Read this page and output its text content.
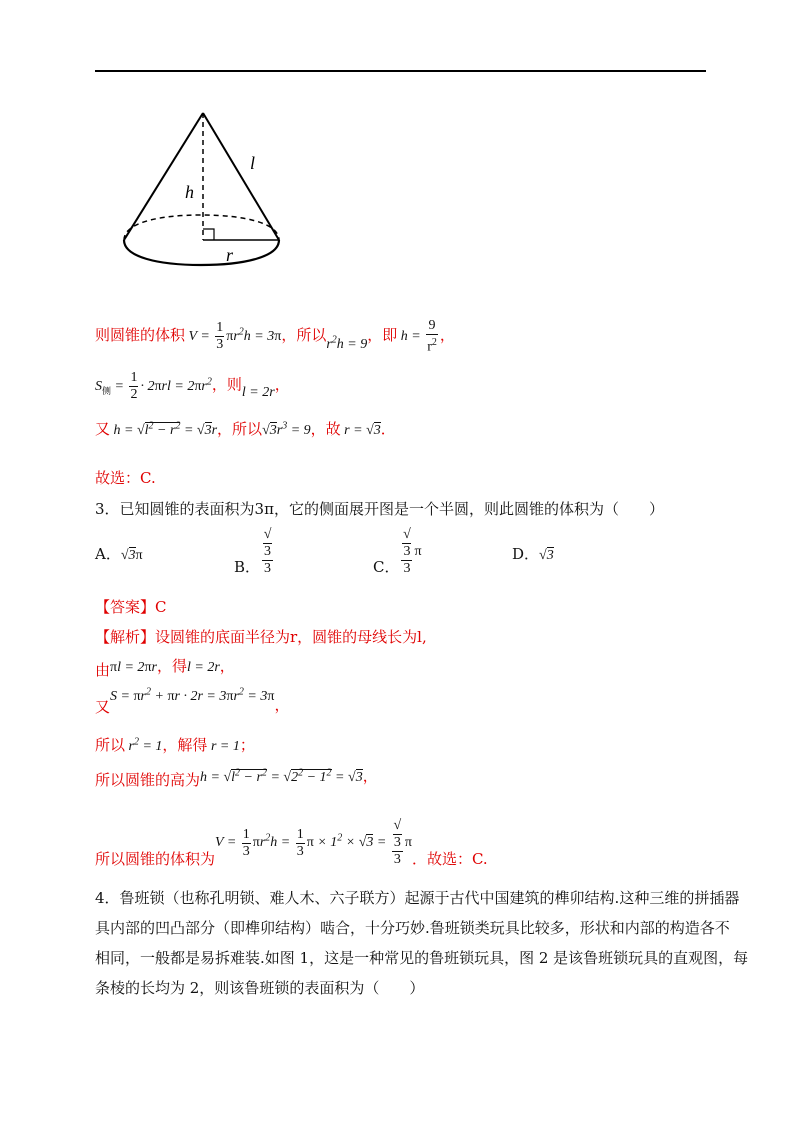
h
l
r
则圆锥的体积 $V = \frac{1}{3} \pi r^2h = 3\pi$，所以$r^2h = 9$，即 $h = \frac{9}{r^2}$ ，
$S_侧 = \frac{1}{2} \cdot 2\pi rl = 2\pi r^2$，则l = 2r，
又 $h = √l^2 - r^2 = √3r$，所以$√3r^3 = 9$，故 r = √3．
故选：C.
3．已知圆锥的表面积为3π，它的侧面展开图是一个半圆，则此圆锥的体积为（　　）
A．√3π
B． √
3
3	C． √
3
3 π	D．√3
【答案】C
【解析】设圆锥的底面半径为r，圆锥的母线长为l,
由πl = 2πr，得l = 2r，
又$S = \pi r^2 + \pi r \cdot 2r = 3\pi r^2 = 3\pi$，
所以 $r^2 = 1$，解得 r = 1；
所以圆锥的高为$h = √l^2 - r^2 = √2^2 - 1^2 = √3$，
所以圆锥的体积为$V = \frac{1}{3} \pi r^2h = \frac{1}{3}$ $\pi \times 1^2 \times √3$ = √
3
3 π．故选：C.
4．鲁班锁（也称孔明锁、难人木、六子联方）起源于古代中国建筑的榫卯结构.这种三维的拼插器
具内部的凹凸部分（即榫卯结构）啮合，十分巧妙.鲁班锁类玩具比较多，形状和内部的构造各不
相同，一般都是易拆难装.如图 1，这是一种常见的鲁班锁玩具，图 2 是该鲁班锁玩具的直观图，每
条棱的长均为 2，则该鲁班锁的表面积为（　　）
